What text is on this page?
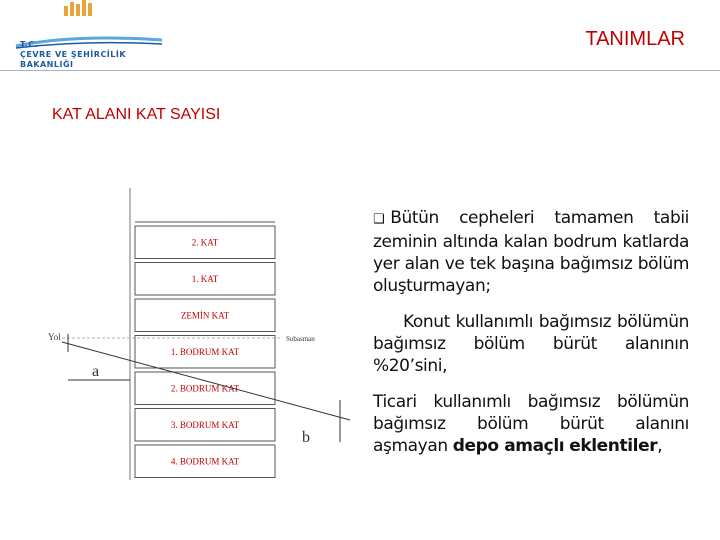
T.C.
ÇEVRE VE ŞEHİRCİLİK
BAKANLIĞI
TANIMLAR
KAT ALANI KAT SAYISI
2. KAT
1. KAT
ZEMİN KAT
1. BODRUM KAT
2. BODRUM KAT
3. BODRUM KAT
4. BODRUM KAT
Yol	Subasman
a
b

❑ Bütün cepheleri tamamen tabii zeminin altında kalan bodrum katlarda yer alan ve tek başına bağımsız bölüm oluşturmayan;

Konut kullanımlı bağımsız bölümün bağımsız bölüm bürüt alanının %20’sini,

Ticari kullanımlı bağımsız bölümün bağımsız bölüm bürüt alanını aşmayan depo amaçlı eklentiler,
